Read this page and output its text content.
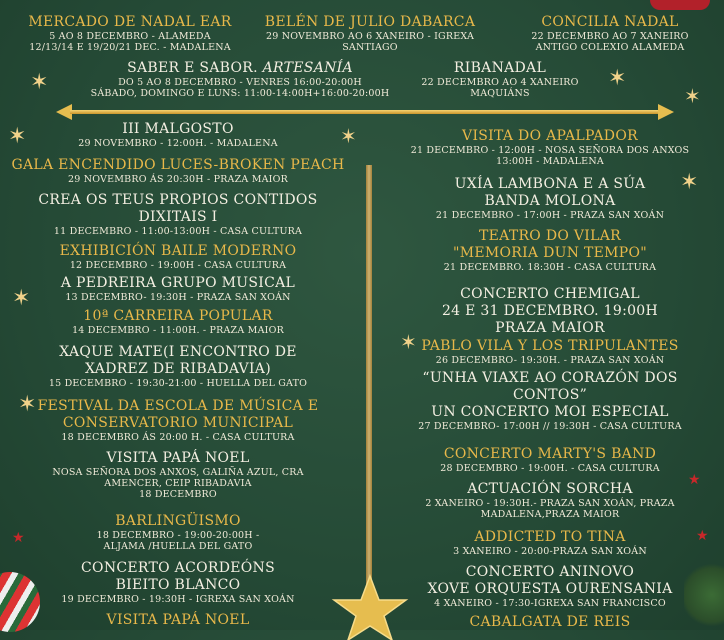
MERCADO DE NADAL EAR
5 AO 8 DECEMBRO - ALAMEDA
12/13/14 E 19/20/21 DEC. - MADALENA
BELÉN DE JULIO DABARCA
29 NOVEMBRO AO 6 XANEIRO - IGREXA
SANTIAGO
CONCILIA NADAL
22 DECEMBRO AO 7 XANEIRO
ANTIGO COLEXIO ALAMEDA
SABER E SABOR. ARTESANÍA
DO 5 AO 8 DECEMBRO - VENRES 16:00-20:00H
SÁBADO, DOMINGO E LUNS: 11:00-14:00H+16:00-20:00H
RIBANADAL
22 DECEMBRO AO 4 XANEIRO
MAQUIÁNS
III MALGOSTO
29 NOVEMBRO - 12:00H. - MADALENA
GALA ENCENDIDO LUCES-BROKEN PEACH
29 NOVEMBRO ÁS 20:30H - PRAZA MAIOR
CREA OS TEUS PROPIOS CONTIDOS
DIXITAIS I
11 DECEMBRO - 11:00-13:00H - CASA CULTURA
EXHIBICIÓN BAILE MODERNO
12 DECEMBRO - 19:00H - CASA CULTURA
A PEDREIRA GRUPO MUSICAL
13 DECEMBRO- 19:30H - PRAZA SAN XOÁN
10ª CARREIRA POPULAR
14 DECEMBRO - 11:00H. - PRAZA MAIOR
XAQUE MATE(I ENCONTRO DE
XADREZ DE RIBADAVIA)
15 DECEMBRO - 19:30-21:00 - HUELLA DEL GATO
FESTIVAL DA ESCOLA DE MÚSICA E
CONSERVATORIO MUNICIPAL
18 DECEMBRO ÁS 20:00 H. - CASA CULTURA
VISITA PAPÁ NOEL
NOSA SEÑORA DOS ANXOS, GALIÑA AZUL, CRA
AMENCER, CEIP RIBADAVIA
18 DECEMBRO
BARLINGÜISMO
18 DECEMBRO - 19:00-20:00H -
ALJAMA /HUELLA DEL GATO
CONCERTO ACORDEÓNS
BIEITO BLANCO
19 DECEMBRO - 19:30H - IGREXA SAN XOÁN
VISITA PAPÁ NOEL
VISITA DO APALPADOR
21 DECEMBRO - 12:00H - NOSA SEÑORA DOS ANXOS
13:00H - MADALENA
UXÍA LAMBONA E A SÚA
BANDA MOLONA
21 DECEMBRO - 17:00H - PRAZA SAN XOÁN
TEATRO DO VILAR
"MEMORIA DUN TEMPO"
21 DECEMBRO. 18:30H - CASA CULTURA
CONCERTO CHEMIGAL
24 E 31 DECEMBRO. 19:00H
PRAZA MAIOR
PABLO VILA Y LOS TRIPULANTES
26 DECEMBRO- 19:30H. - PRAZA SAN XOÁN
“UNHA VIAXE AO CORAZÓN DOS
CONTOS”
UN CONCERTO MOI ESPECIAL
27 DECEMBRO- 17:00H // 19:30H - CASA CULTURA
CONCERTO MARTY'S BAND
28 DECEMBRO - 19:00H. - CASA CULTURA
ACTUACIÓN SORCHA
2 XANEIRO - 19:30H.- PRAZA SAN XOÁN, PRAZA
MADALENA,PRAZA MAIOR
ADDICTED TO TINA
3 XANEIRO - 20:00-PRAZA SAN XOÁN
CONCERTO ANINOVO
XOVE ORQUESTA OURENSANIA
4 XANEIRO - 17:30-IGREXA SAN FRANCISCO
CABALGATA DE REIS
✶
✶	✶
✶
✶
✶
✶
✶
✶
★
★
★
